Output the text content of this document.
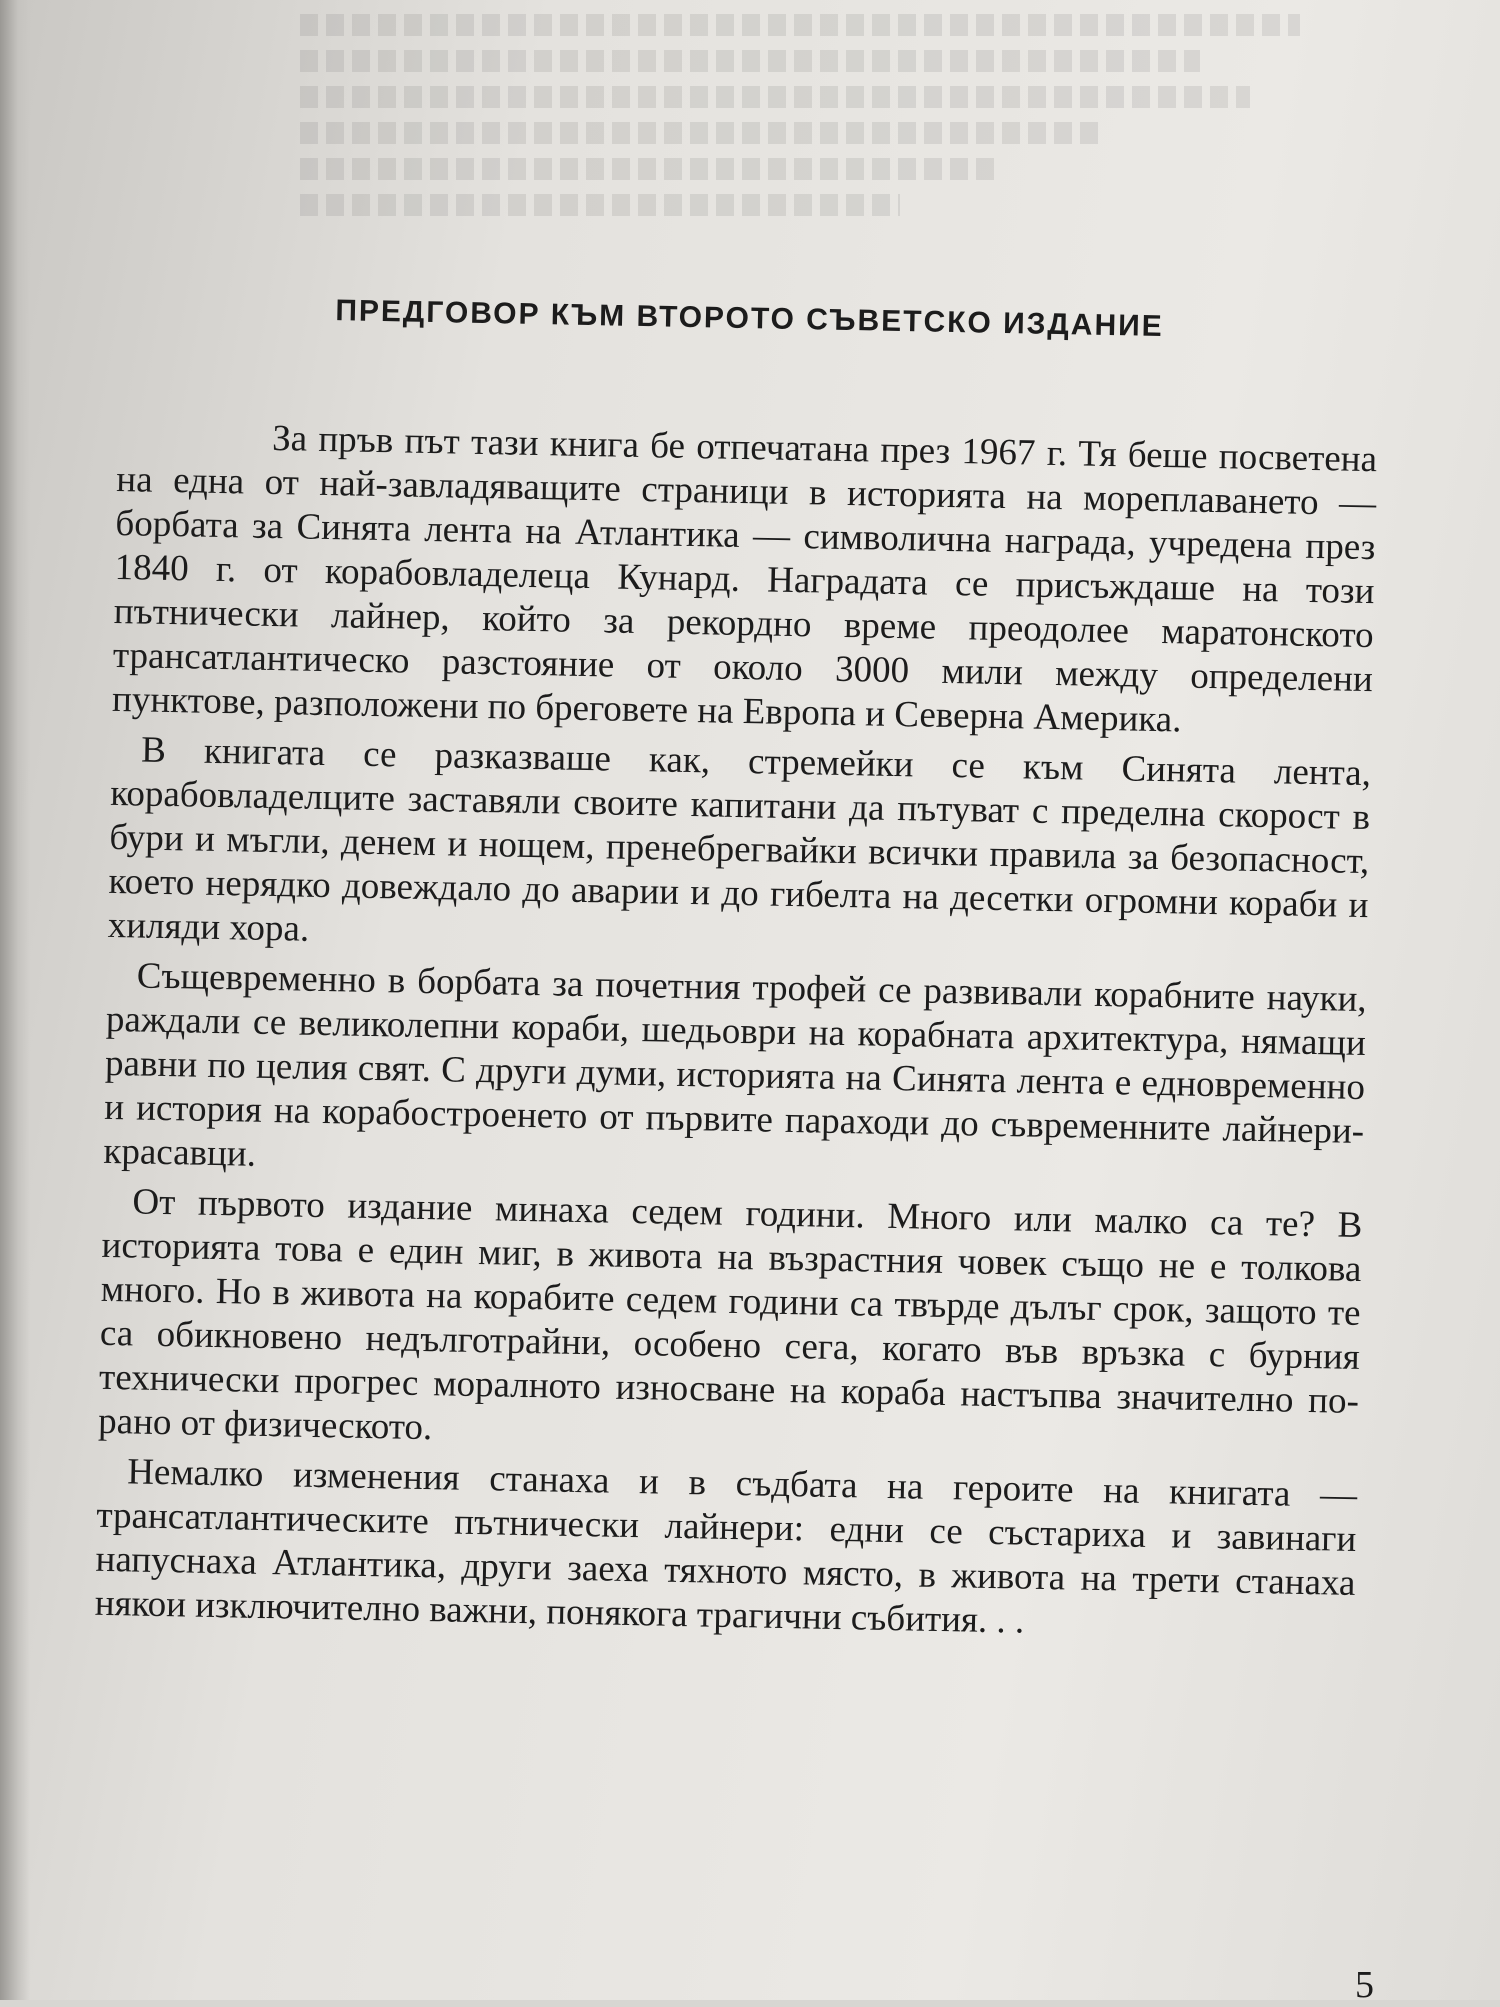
ПРЕДГОВОР КЪМ ВТОРОТО СЪВЕТСКО ИЗДАНИЕ

За пръв път тази книга бе отпечатана през 1967 г. Тя беше посветена на една от най-завладяващите страници в историята на мореплаването — борбата за Синята лента на Атлантика — символична награда, учредена през 1840 г. от корабовладелеца Кунард. Наградата се присъждаше на този пътнически лайнер, който за рекордно време преодолее маратонското трансатлантическо разстояние от около 3000 мили между определени пунктове, разположени по бреговете на Европа и Северна Америка.

В книгата се разказваше как, стремейки се към Синята лента, корабовладелците заставяли своите капитани да пътуват с пределна скорост в бури и мъгли, денем и нощем, пренебрегвайки всички правила за безопасност, което нерядко довеждало до аварии и до гибелта на десетки огромни кораби и хиляди хора.

Същевременно в борбата за почетния трофей се развивали корабните науки, раждали се великолепни кораби, шедьоври на корабната архитектура, нямащи равни по целия свят. С други думи, историята на Синята лента е едновременно и история на корабостроенето от първите параходи до съвременните лайнери-красавци.

От първото издание минаха седем години. Много или малко са те? В историята това е един миг, в живота на възрастния човек също не е толкова много. Но в живота на корабите седем години са твърде дълъг срок, защото те са обикновено недълготрайни, особено сега, когато във връзка с бурния технически прогрес моралното износване на кораба настъпва значително по-рано от физическото.

Немалко изменения станаха и в съдбата на героите на книгата — трансатлантическите пътнически лайнери: едни се състариха и завинаги напуснаха Атлантика, други заеха тяхното място, в живота на трети станаха някои изключително важни, понякога трагични събития. . .

5
